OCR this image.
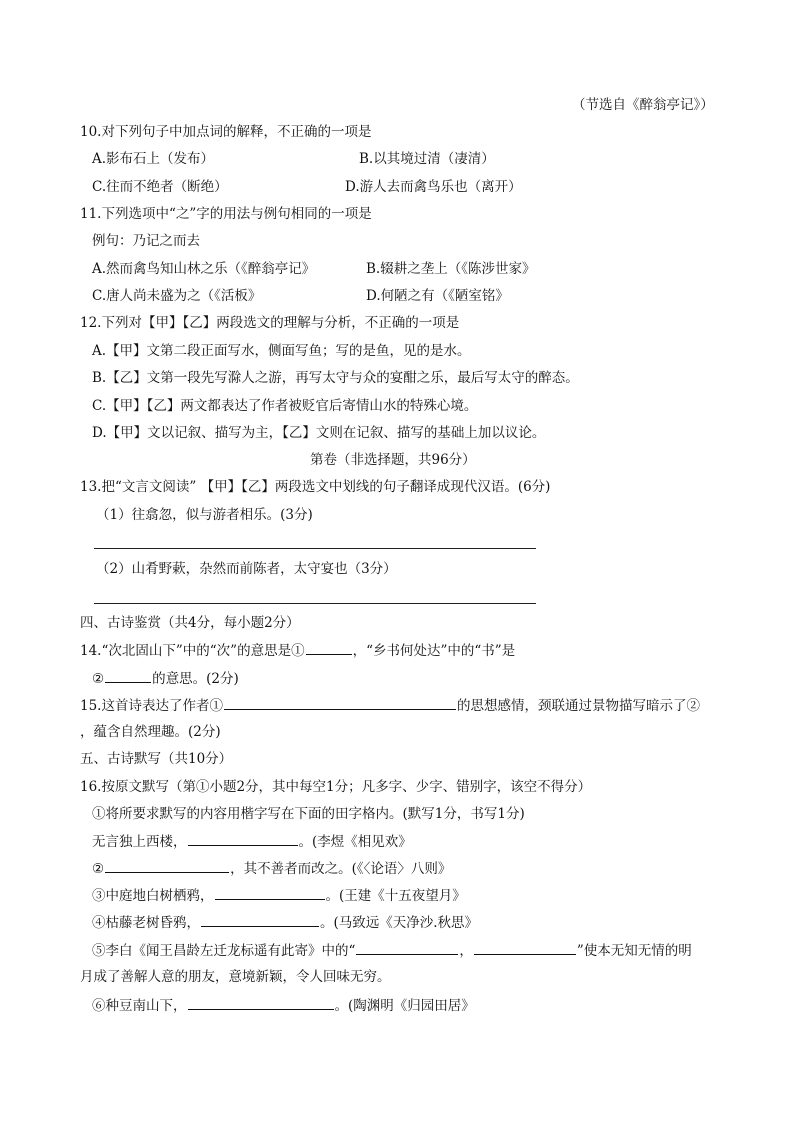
（节选自《醉翁亭记》）
10.对下列句子中加点词的解释，不正确的一项是
A.影布石上（发布）	B.以其境过清（凄清）
C.往而不绝者（断绝）	D.游人去而禽鸟乐也（离开）
11.下列选项中“之”字的用法与例句相同的一项是
例句：乃记之而去
A.然而禽鸟知山林之乐（《醉翁亭记》	B.辍耕之垄上（《陈涉世家》
C.唐人尚未盛为之（《活板》	D.何陋之有（《陋室铭》
12.下列对【甲】【乙】两段选文的理解与分析，不正确的一项是
A.【甲】文第二段正面写水，侧面写鱼；写的是鱼，见的是水。
B.【乙】文第一段先写滁人之游，再写太守与众的宴酣之乐，最后写太守的醉态。
C.【甲】【乙】两文都表达了作者被贬官后寄情山水的特殊心境。
D.【甲】文以记叙、描写为主，【乙】文则在记叙、描写的基础上加以议论。
第卷（非选择题，共96分）
13.把“文言文阅读” 【甲】【乙】两段选文中划线的句子翻译成现代汉语。(6分)
（1）往翕忽，似与游者相乐。(3分)
（2）山肴野蔌，杂然而前陈者，太守宴也（3分）
四、古诗鉴赏（共4分，每小题2分）
14.“次北固山下”中的“次”的意思是①	，“乡书何处达”中的“书”是
②	的意思。(2分)
15.这首诗表达了作者①	的思想感情，颈联通过景物描写暗示了②
，蕴含自然理趣。(2分)
五、古诗默写（共10分）
16.按原文默写（第①小题2分，其中每空1分；凡多字、少字、错别字，该空不得分）
①将所要求默写的内容用楷字写在下面的田字格内。(默写1分，书写1分)
无言独上西楼，	。(李煜《相见欢》
②	，其不善者而改之。(《〈论语〉八则》
③中庭地白树栖鸦，	。(王建《十五夜望月》
④枯藤老树昏鸦，	。(马致远《天净沙.秋思》
⑤李白《闻王昌龄左迁龙标遥有此寄》中的“	，	”使本无知无情的明
月成了善解人意的朋友，意境新颖，令人回味无穷。
⑥种豆南山下，	。(陶渊明《归园田居》
